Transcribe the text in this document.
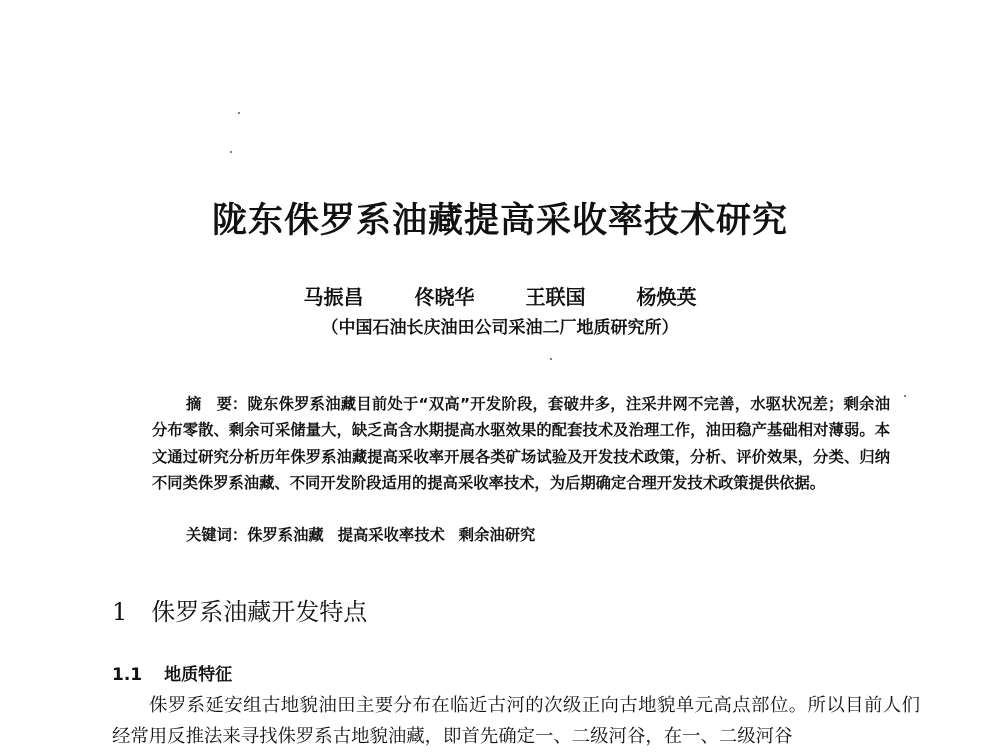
陇东侏罗系油藏提高采收率技术研究
马振昌	佟晓华	王联国	杨焕英
（中国石油长庆油田公司采油二厂地质研究所）
摘　要：陇东侏罗系油藏目前处于“双高”开发阶段，套破井多，注采井网不完善，水驱状况差；剩余油分布零散、剩余可采储量大，缺乏高含水期提高水驱效果的配套技术及治理工作，油田稳产基础相对薄弱。本文通过研究分析历年侏罗系油藏提高采收率开展各类矿场试验及开发技术政策，分析、评价效果，分类、归纳不同类侏罗系油藏、不同开发阶段适用的提高采收率技术，为后期确定合理开发技术政策提供依据。
关键词：侏罗系油藏 提高采收率技术 剩余油研究
1 侏罗系油藏开发特点
1.1 地质特征
侏罗系延安组古地貌油田主要分布在临近古河的次级正向古地貌单元高点部位。所以目前人们经常用反推法来寻找侏罗系古地貌油藏，即首先确定一、二级河谷，在一、二级河谷
